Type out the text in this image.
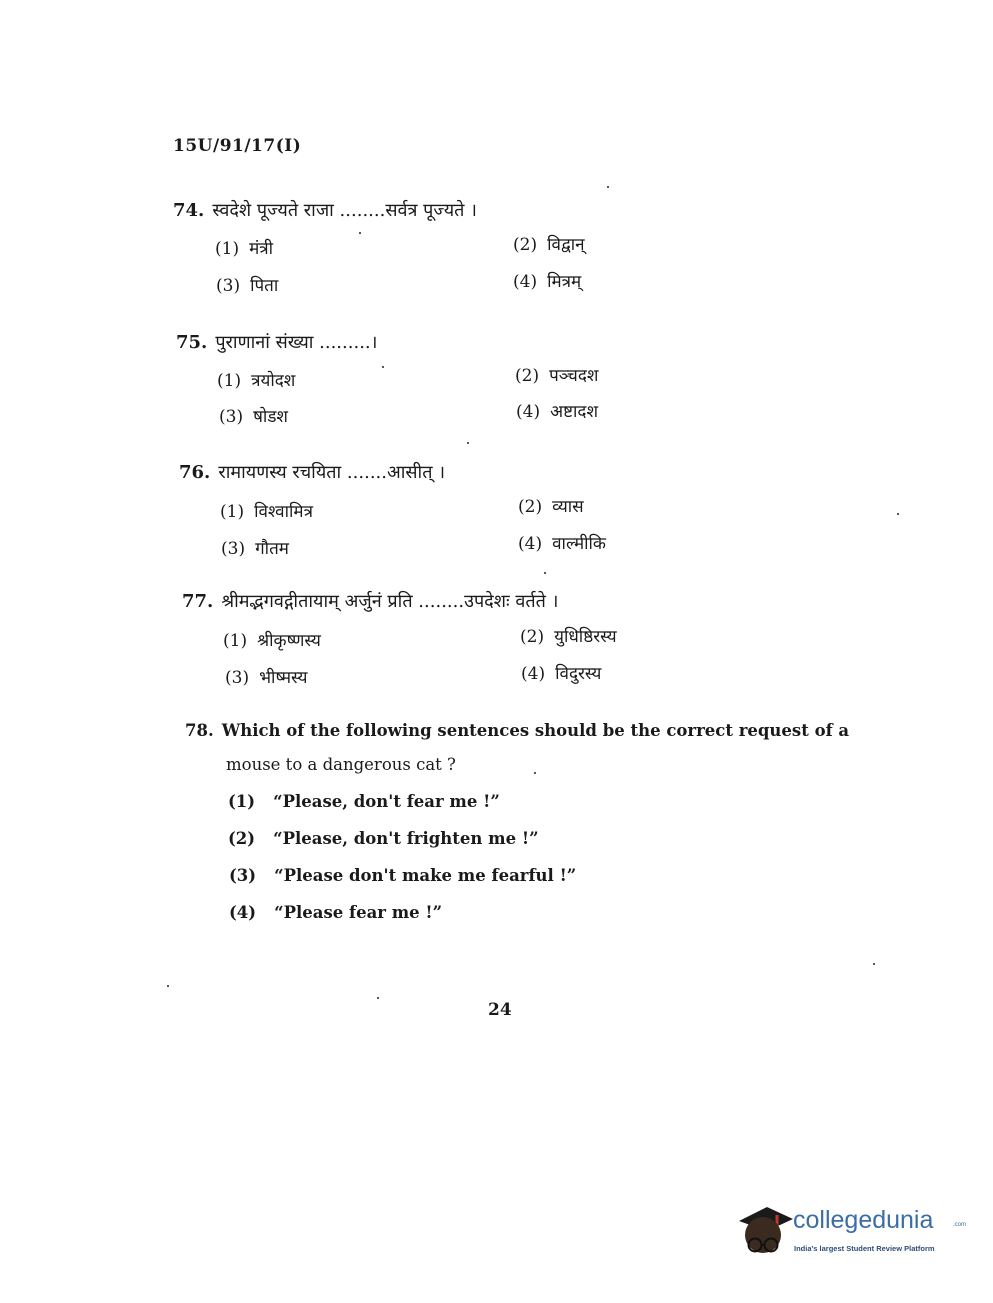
15U/91/17(I)
74. स्वदेशे पूज्यते राजा ........सर्वत्र पूज्यते ।
(1) मंत्री	(2) विद्वान्
(3) पिता	(4) मित्रम्
75. पुराणानां संख्या .........।
(1) त्रयोदश	(2) पञ्चदश
(3) षोडश	(4) अष्टादश
76. रामायणस्य रचयिता .......आसीत् ।
(1) विश्वामित्र	(2) व्यास
(3) गौतम	(4) वाल्मीकि
77. श्रीमद्भगवद्गीतायाम् अर्जुनं प्रति ........उपदेशः वर्तते ।
(1) श्रीकृष्णस्य	(2) युधिष्ठिरस्य
(3) भीष्मस्य	(4) विदुरस्य
78. Which of the following sentences should be the correct request of a
mouse to a dangerous cat ?
(1) “Please, don't fear me !”
(2) “Please, don't frighten me !”
(3) “Please don't make me fearful !”
(4) “Please fear me !”
24
collegedunia	.com
India's largest Student Review Platform
